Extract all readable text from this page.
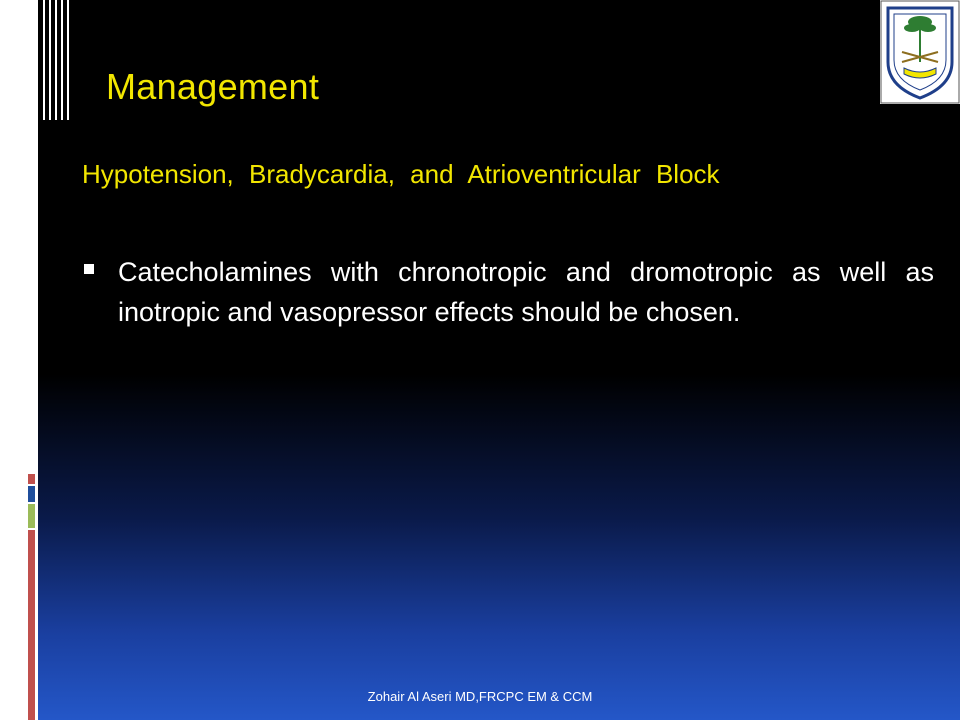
Management
Hypotension, Bradycardia, and Atrioventricular Block
Catecholamines with chronotropic and dromotropic as well as inotropic and vasopressor effects should be chosen.
Zohair Al Aseri MD,FRCPC EM & CCM
